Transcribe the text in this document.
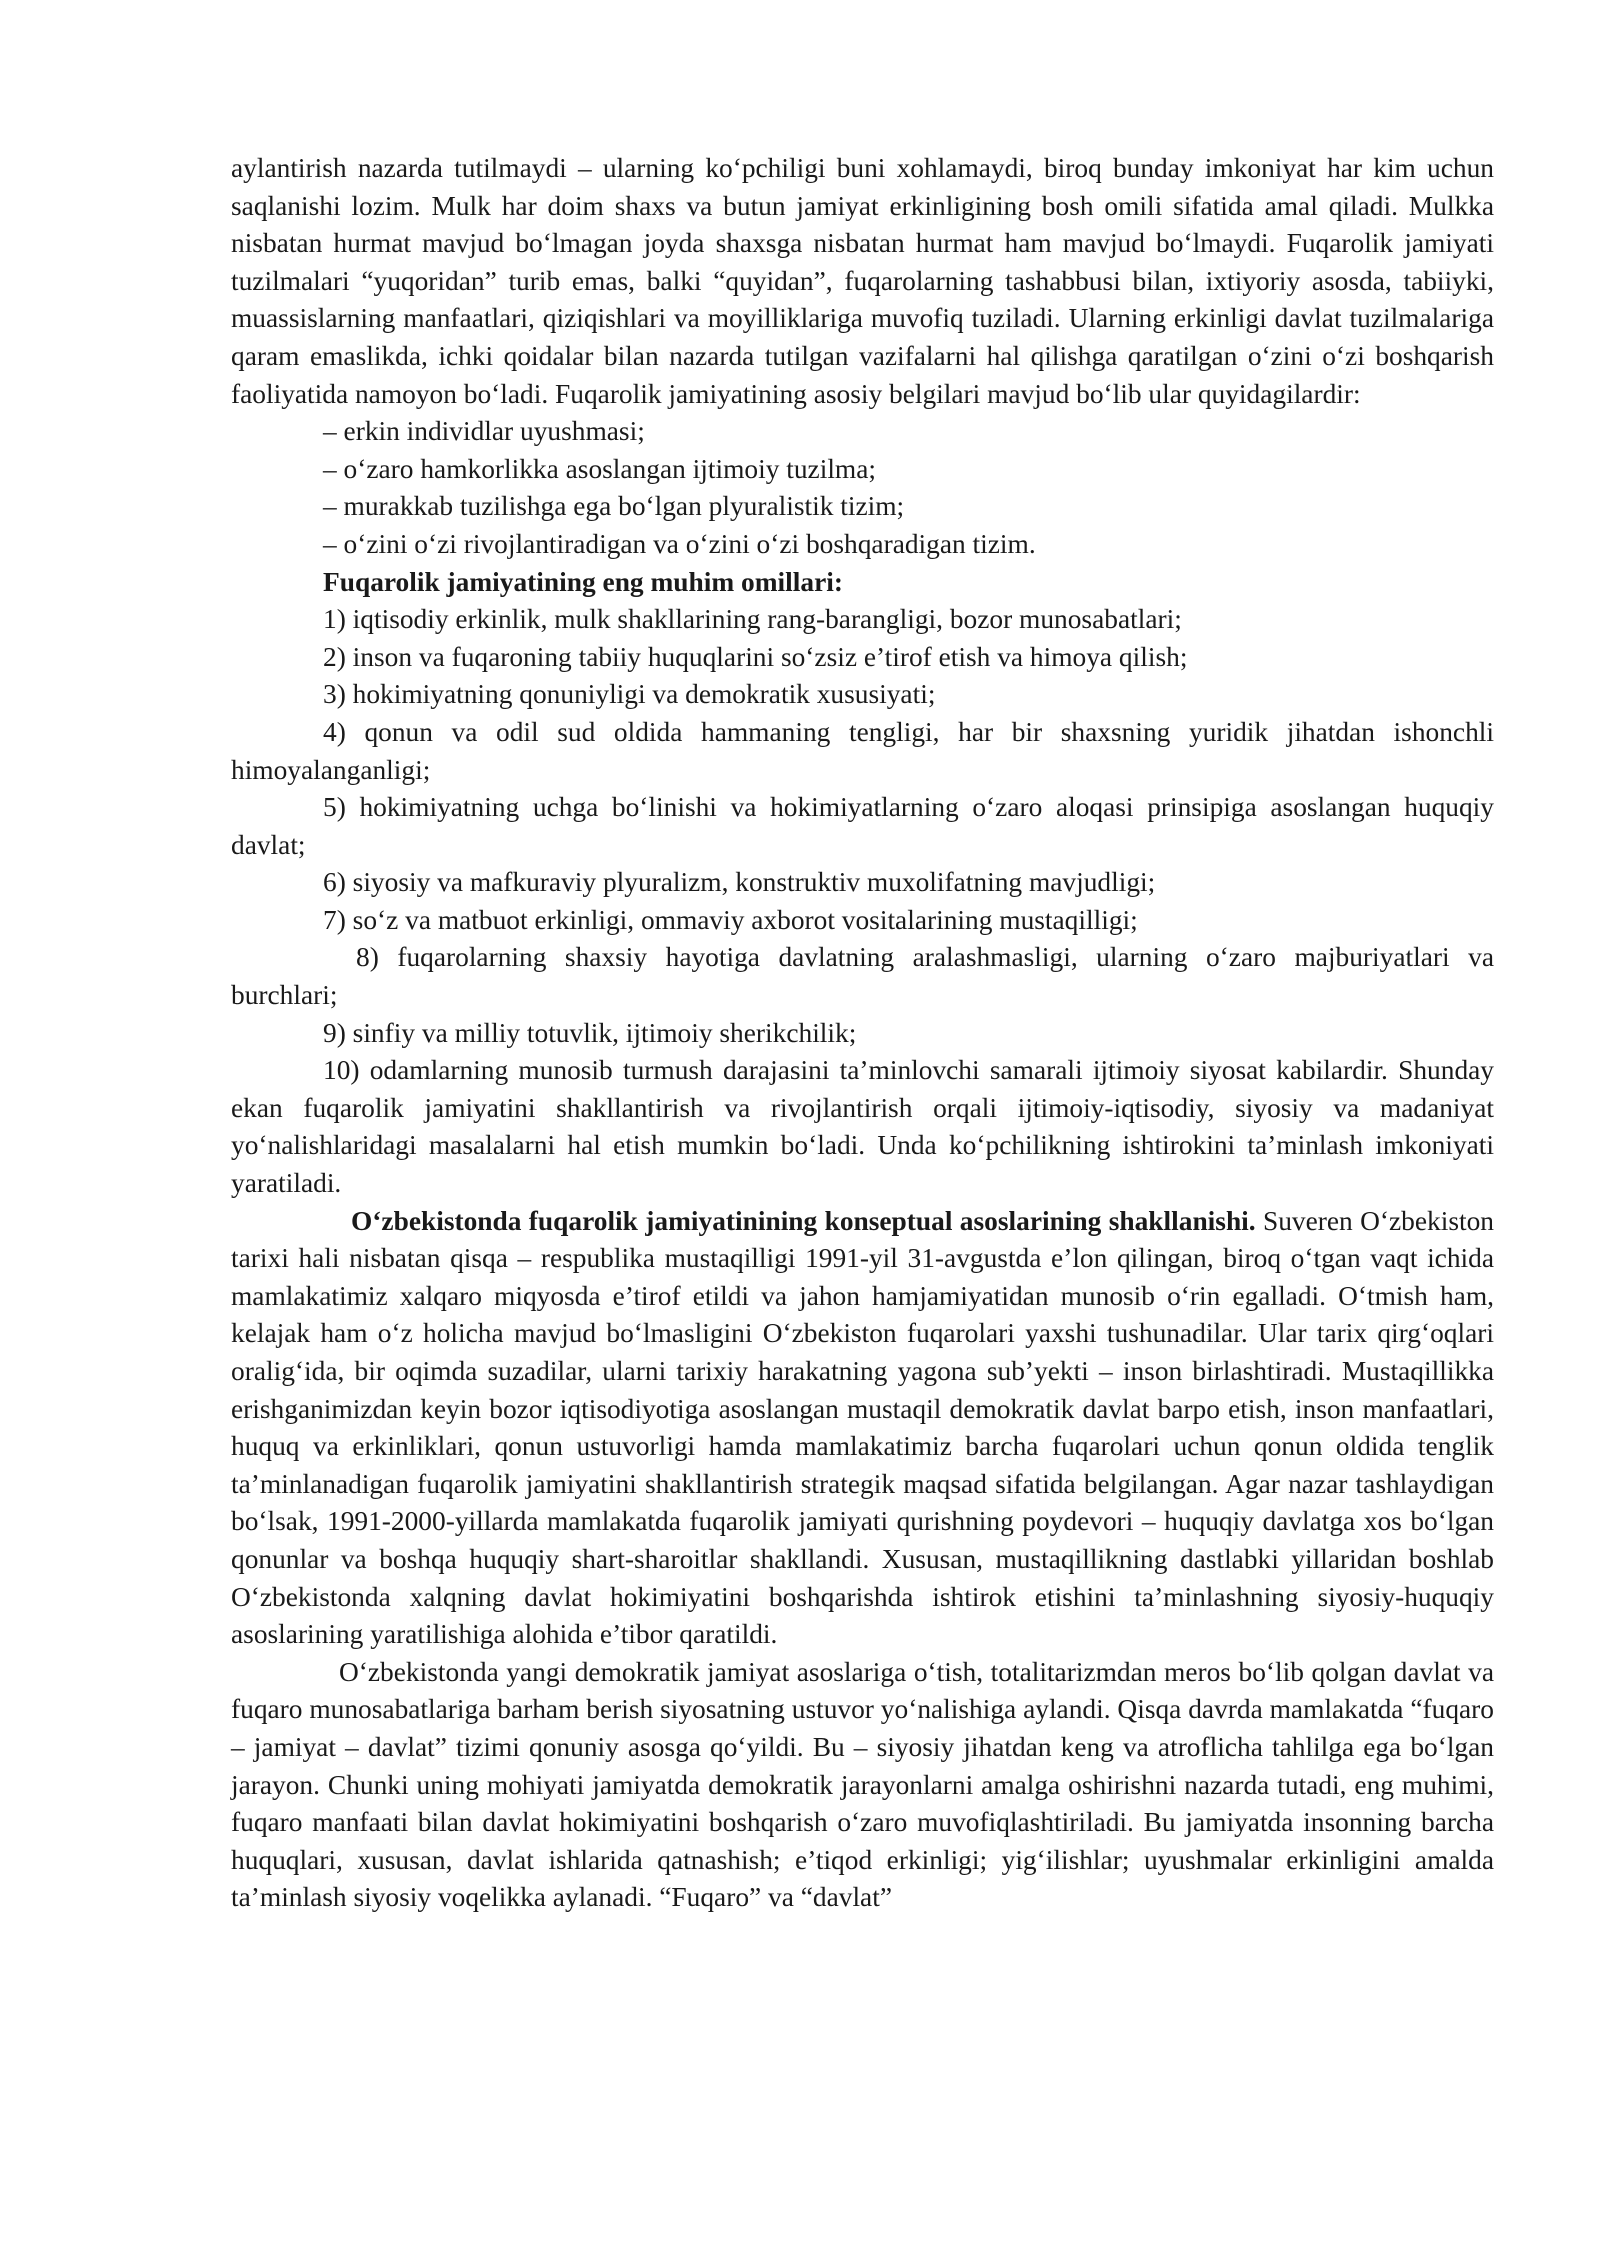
aylantirish nazarda tutilmaydi – ularning ko‘pchiligi buni xohlamaydi, biroq bunday imkoniyat har kim uchun saqlanishi lozim. Mulk har doim shaxs va butun jamiyat erkinligining bosh omili sifatida amal qiladi. Mulkka nisbatan hurmat mavjud bo‘lmagan joyda shaxsga nisbatan hurmat ham mavjud bo‘lmaydi. Fuqarolik jamiyati tuzilmalari “yuqoridan” turib emas, balki “quyidan”, fuqarolarning tashabbusi bilan, ixtiyoriy asosda, tabiiyki, muassislarning manfaatlari, qiziqishlari va moyilliklariga muvofiq tuziladi. Ularning erkinligi davlat tuzilmalariga qaram emaslikda, ichki qoidalar bilan nazarda tutilgan vazifalarni hal qilishga qaratilgan o‘zini o‘zi boshqarish faoliyatida namoyon bo‘ladi. Fuqarolik jamiyatining asosiy belgilari mavjud bo‘lib ular quyidagilardir:

– erkin individlar uyushmasi;

– o‘zaro hamkorlikka asoslangan ijtimoiy tuzilma;

– murakkab tuzilishga ega bo‘lgan plyuralistik tizim;

– o‘zini o‘zi rivojlantiradigan va o‘zini o‘zi boshqaradigan tizim.

Fuqarolik jamiyatining eng muhim omillari:

1) iqtisodiy erkinlik, mulk shakllarining rang-barangligi, bozor munosabatlari;

2) inson va fuqaroning tabiiy huquqlarini so‘zsiz e’tirof etish va himoya qilish;

3) hokimiyatning qonuniyligi va demokratik xususiyati;

4) qonun va odil sud oldida hammaning tengligi, har bir shaxsning yuridik jihatdan ishonchli himoyalanganligi;

5) hokimiyatning uchga bo‘linishi va hokimiyatlarning o‘zaro aloqasi prinsipiga asoslangan huquqiy davlat;

6) siyosiy va mafkuraviy plyuralizm, konstruktiv muxolifatning mavjudligi;

7) so‘z va matbuot erkinligi, ommaviy axborot vositalarining mustaqilligi;

8) fuqarolarning shaxsiy hayotiga davlatning aralashmasligi, ularning o‘zaro majburiyatlari va burchlari;

9) sinfiy va milliy totuvlik, ijtimoiy sherikchilik;

10) odamlarning munosib turmush darajasini ta’minlovchi samarali ijtimoiy siyosat kabilardir. Shunday ekan fuqarolik jamiyatini shakllantirish va rivojlantirish orqali ijtimoiy-iqtisodiy, siyosiy va madaniyat yo‘nalishlaridagi masalalarni hal etish mumkin bo‘ladi. Unda ko‘pchilikning ishtirokini ta’minlash imkoniyati yaratiladi.

O‘zbekistonda fuqarolik jamiyatinining konseptual asoslarining shakllanishi. Suveren O‘zbekiston tarixi hali nisbatan qisqa – respublika mustaqilligi 1991-yil 31-avgustda e’lon qilingan, biroq o‘tgan vaqt ichida mamlakatimiz xalqaro miqyosda e’tirof etildi va jahon hamjamiyatidan munosib o‘rin egalladi. O‘tmish ham, kelajak ham o‘z holicha mavjud bo‘lmasligini O‘zbekiston fuqarolari yaxshi tushunadilar. Ular tarix qirg‘oqlari oralig‘ida, bir oqimda suzadilar, ularni tarixiy harakatning yagona sub’yekti – inson birlashtiradi. Mustaqillikka erishganimizdan keyin bozor iqtisodiyotiga asoslangan mustaqil demokratik davlat barpo etish, inson manfaatlari, huquq va erkinliklari, qonun ustuvorligi hamda mamlakatimiz barcha fuqarolari uchun qonun oldida tenglik ta’minlanadigan fuqarolik jamiyatini shakllantirish strategik maqsad sifatida belgilangan. Agar nazar tashlaydigan bo‘lsak, 1991-2000-yillarda mamlakatda fuqarolik jamiyati qurishning poydevori – huquqiy davlatga xos bo‘lgan qonunlar va boshqa huquqiy shart-sharoitlar shakllandi. Xususan, mustaqillikning dastlabki yillaridan boshlab O‘zbekistonda xalqning davlat hokimiyatini boshqarishda ishtirok etishini ta’minlashning siyosiy-huquqiy asoslarining yaratilishiga alohida e’tibor qaratildi.

O‘zbekistonda yangi demokratik jamiyat asoslariga o‘tish, totalitarizmdan meros bo‘lib qolgan davlat va fuqaro munosabatlariga barham berish siyosatning ustuvor yo‘nalishiga aylandi. Qisqa davrda mamlakatda “fuqaro – jamiyat – davlat” tizimi qonuniy asosga qo‘yildi. Bu – siyosiy jihatdan keng va atroflicha tahlilga ega bo‘lgan jarayon. Chunki uning mohiyati jamiyatda demokratik jarayonlarni amalga oshirishni nazarda tutadi, eng muhimi, fuqaro manfaati bilan davlat hokimiyatini boshqarish o‘zaro muvofiqlashtiriladi. Bu jamiyatda insonning barcha huquqlari, xususan, davlat ishlarida qatnashish; e’tiqod erkinligi; yig‘ilishlar; uyushmalar erkinligini amalda ta’minlash siyosiy voqelikka aylanadi. “Fuqaro” va “davlat”
